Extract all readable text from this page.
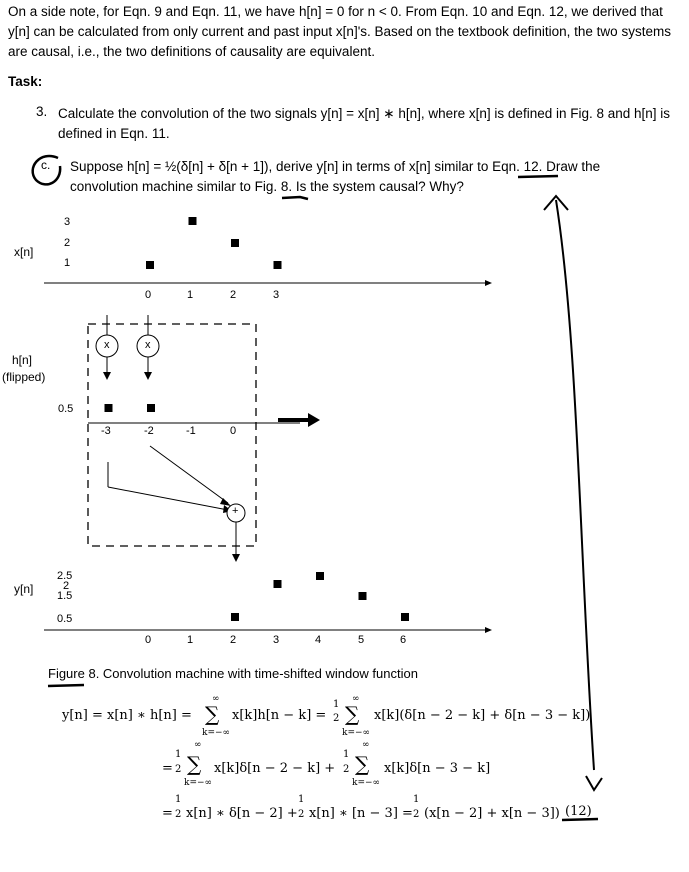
On a side note, for Eqn. 9 and Eqn. 11, we have h[n] = 0 for n < 0. From Eqn. 10 and Eqn. 12, we derived that y[n] can be calculated from only current and past input x[n]'s. Based on the textbook definition, the two systems are causal, i.e., the two definitions of causality are equivalent.
Task:
3. Calculate the convolution of the two signals y[n] = x[n] ∗ h[n], where x[n] is defined in Fig. 8 and h[n] is defined in Eqn. 11.
c. Suppose h[n] = ½(δ[n] + δ[n + 1]), derive y[n] in terms of x[n] similar to Eqn. 12. Draw the convolution machine similar to Fig. 8. Is the system causal? Why?
x[n]
h[n]
(flipped)
y[n]
3
2
1
0	1	2	3
0.5
-3	-2	-1	0
x	x
+
2.5
2
1.5
0.5
0	1	2	3	4	5	6
Figure 8. Convolution machine with time-shifted window function
y[n] = x[n] ∗ h[n] =
∞
∑
k=−∞
x[k]h[n − k] =
1
2
∞
∑
k=−∞
x[k](δ[n − 2 − k] + δ[n − 3 − k])
=
1
2
∞
∑
k=−∞
x[k]δ[n − 2 − k] +
1
2
∞
∑
k=−∞
x[k]δ[n − 3 − k]
=
1
2 x[n] ∗ δ[n − 2] +
1
2 x[n] ∗ [n − 3] =
1
2 (x[n − 2] + x[n − 3]) (12)
